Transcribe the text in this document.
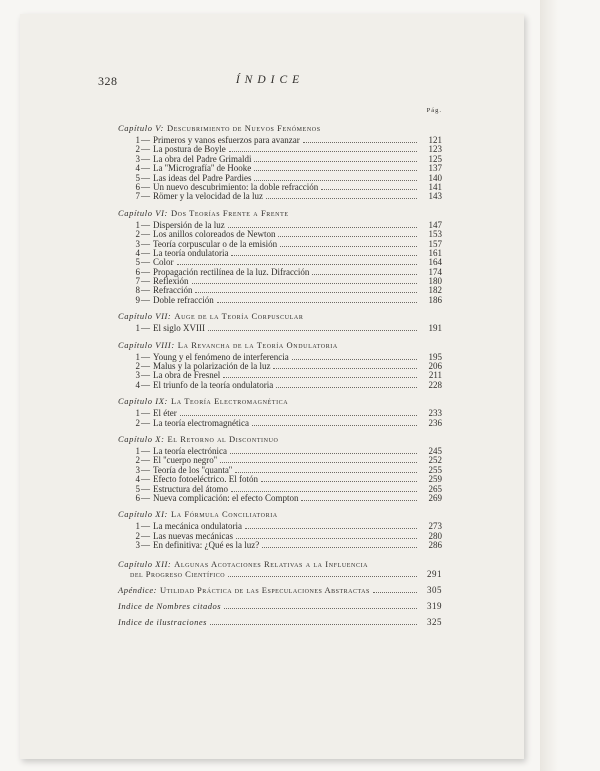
328	ÍNDICE
Pág.
Capítulo V: Descubrimiento de Nuevos Fenómenos
1 — Primeros y vanos esfuerzos para avanzar	121
2 — La postura de Boyle	123
3 — La obra del Padre Grimaldi	125
4 — La ''Micrografía'' de Hooke	137
5 — Las ideas del Padre Pardies	140
6 — Un nuevo descubrimiento: la doble refracción	141
7 — Römer y la velocidad de la luz	143
Capítulo VI: Dos Teorías Frente a Frente
1 — Dispersión de la luz	147
2 — Los anillos coloreados de Newton	153
3 — Teoría corpuscular o de la emisión	157
4 — La teoría ondulatoria	161
5 — Color	164
6 — Propagación rectilínea de la luz. Difracción	174
7 — Reflexión	180
8 — Refracción	182
9 — Doble refracción	186
Capítulo VII: Auge de la Teoría Corpuscular
1 — El siglo XVIII	191
Capítulo VIII: La Revancha de la Teoría Ondulatoria
1 — Young y el fenómeno de interferencia	195
2 — Malus y la polarización de la luz	206
3 — La obra de Fresnel	211
4 — El triunfo de la teoría ondulatoria	228
Capítulo IX: La Teoría Electromagnética
1 — El éter	233
2 — La teoría electromagnética	236
Capítulo X: El Retorno al Discontinuo
1 — La teoría electrónica	245
2 — El ''cuerpo negro''	252
3 — Teoría de los ''quanta''	255
4 — Efecto fotoeléctrico. El fotón	259
5 — Estructura del átomo	265
6 — Nueva complicación: el efecto Compton	269
Capítulo XI: La Fórmula Conciliatoria
1 — La mecánica ondulatoria	273
2 — Las nuevas mecánicas	280
3 — En definitiva: ¿Qué es la luz?	286
Capítulo XII: Algunas Acotaciones Relativas a la Influencia
del Progreso Científico	291
Apéndice: Utilidad Práctica de las Especulaciones Abstractas	305
Indice de Nombres citados	319
Indice de ilustraciones	325
